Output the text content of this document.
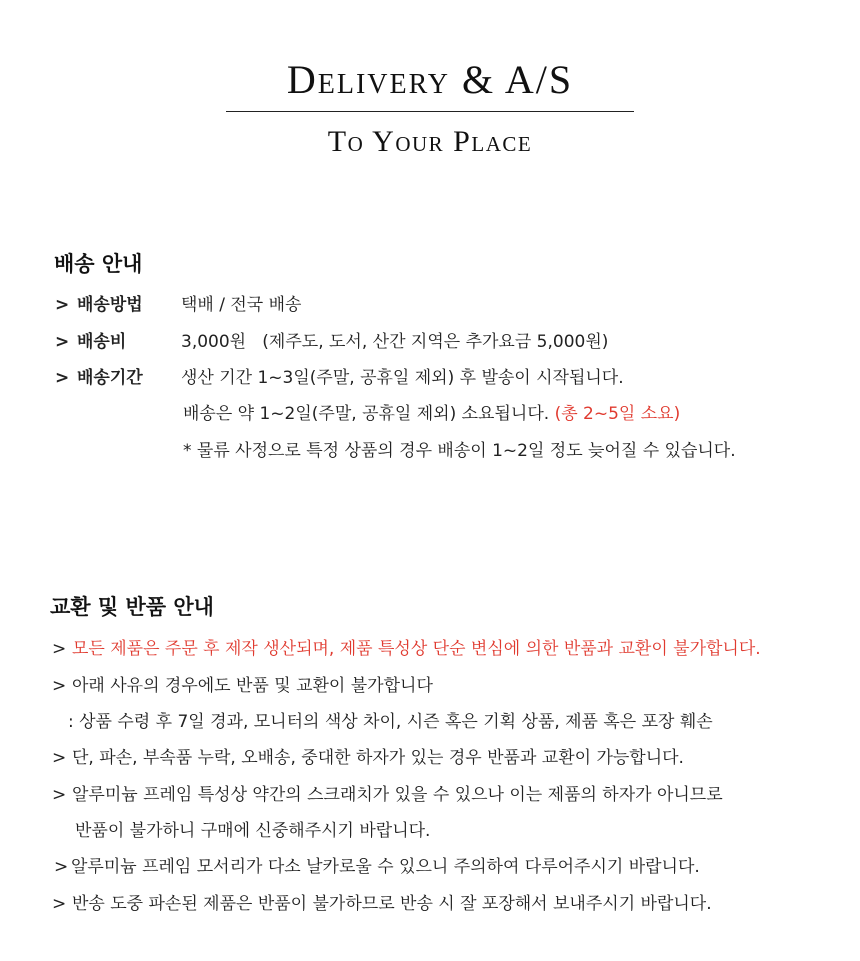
Delivery & A/S
To Your Place
배송 안내
> 배송방법 택배 / 전국 배송
> 배송비	3,000원   (제주도, 도서, 산간 지역은 추가요금 5,000원)
> 배송기간 생산 기간 1~3일(주말, 공휴일 제외) 후 발송이 시작됩니다.
배송은 약 1~2일(주말, 공휴일 제외) 소요됩니다. (총 2~5일 소요)
* 물류 사정으로 특정 상품의 경우 배송이 1~2일 정도 늦어질 수 있습니다.
교환 및 반품 안내
> 모든 제품은 주문 후 제작 생산되며, 제품 특성상 단순 변심에 의한 반품과 교환이 불가합니다.
> 아래 사유의 경우에도 반품 및 교환이 불가합니다
: 상품 수령 후 7일 경과, 모니터의 색상 차이, 시즌 혹은 기획 상품, 제품 혹은 포장 훼손
> 단, 파손, 부속품 누락, 오배송, 중대한 하자가 있는 경우 반품과 교환이 가능합니다.
> 알루미늄 프레임 특성상 약간의 스크래치가 있을 수 있으나 이는 제품의 하자가 아니므로
반품이 불가하니 구매에 신중해주시기 바랍니다.
> 알루미늄 프레임 모서리가 다소 날카로울 수 있으니 주의하여 다루어주시기 바랍니다.
> 반송 도중 파손된 제품은 반품이 불가하므로 반송 시 잘 포장해서 보내주시기 바랍니다.
